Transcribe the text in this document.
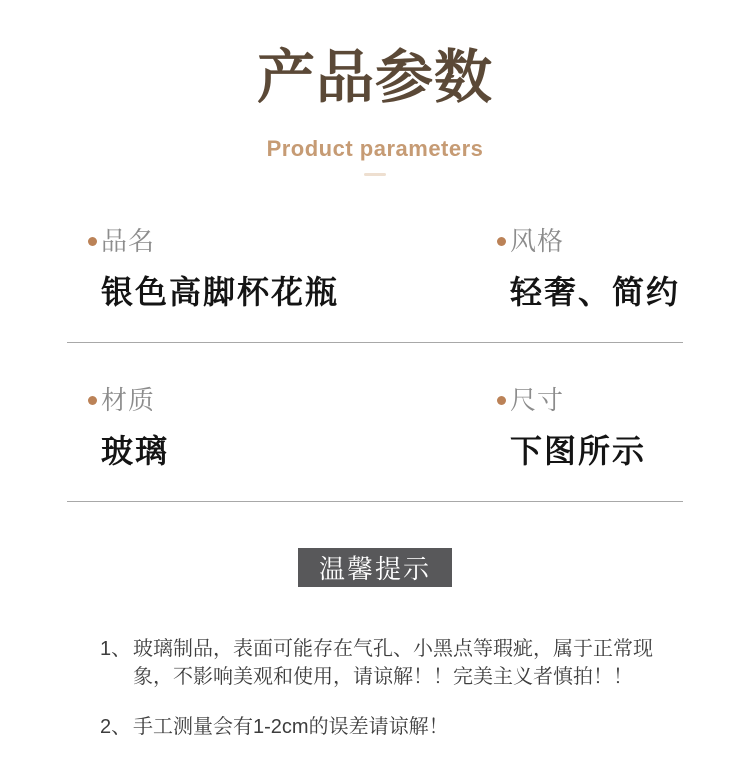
产品参数
Product parameters
品名
银色高脚杯花瓶
风格
轻奢、简约
材质
玻璃
尺寸
下图所示
温馨提示
1、 玻璃制品，表面可能存在气孔、小黑点等瑕疵，属于正常现象，不影响美观和使用，请谅解！！完美主义者慎拍！！
2、 手工测量会有1-2cm的误差请谅解！
